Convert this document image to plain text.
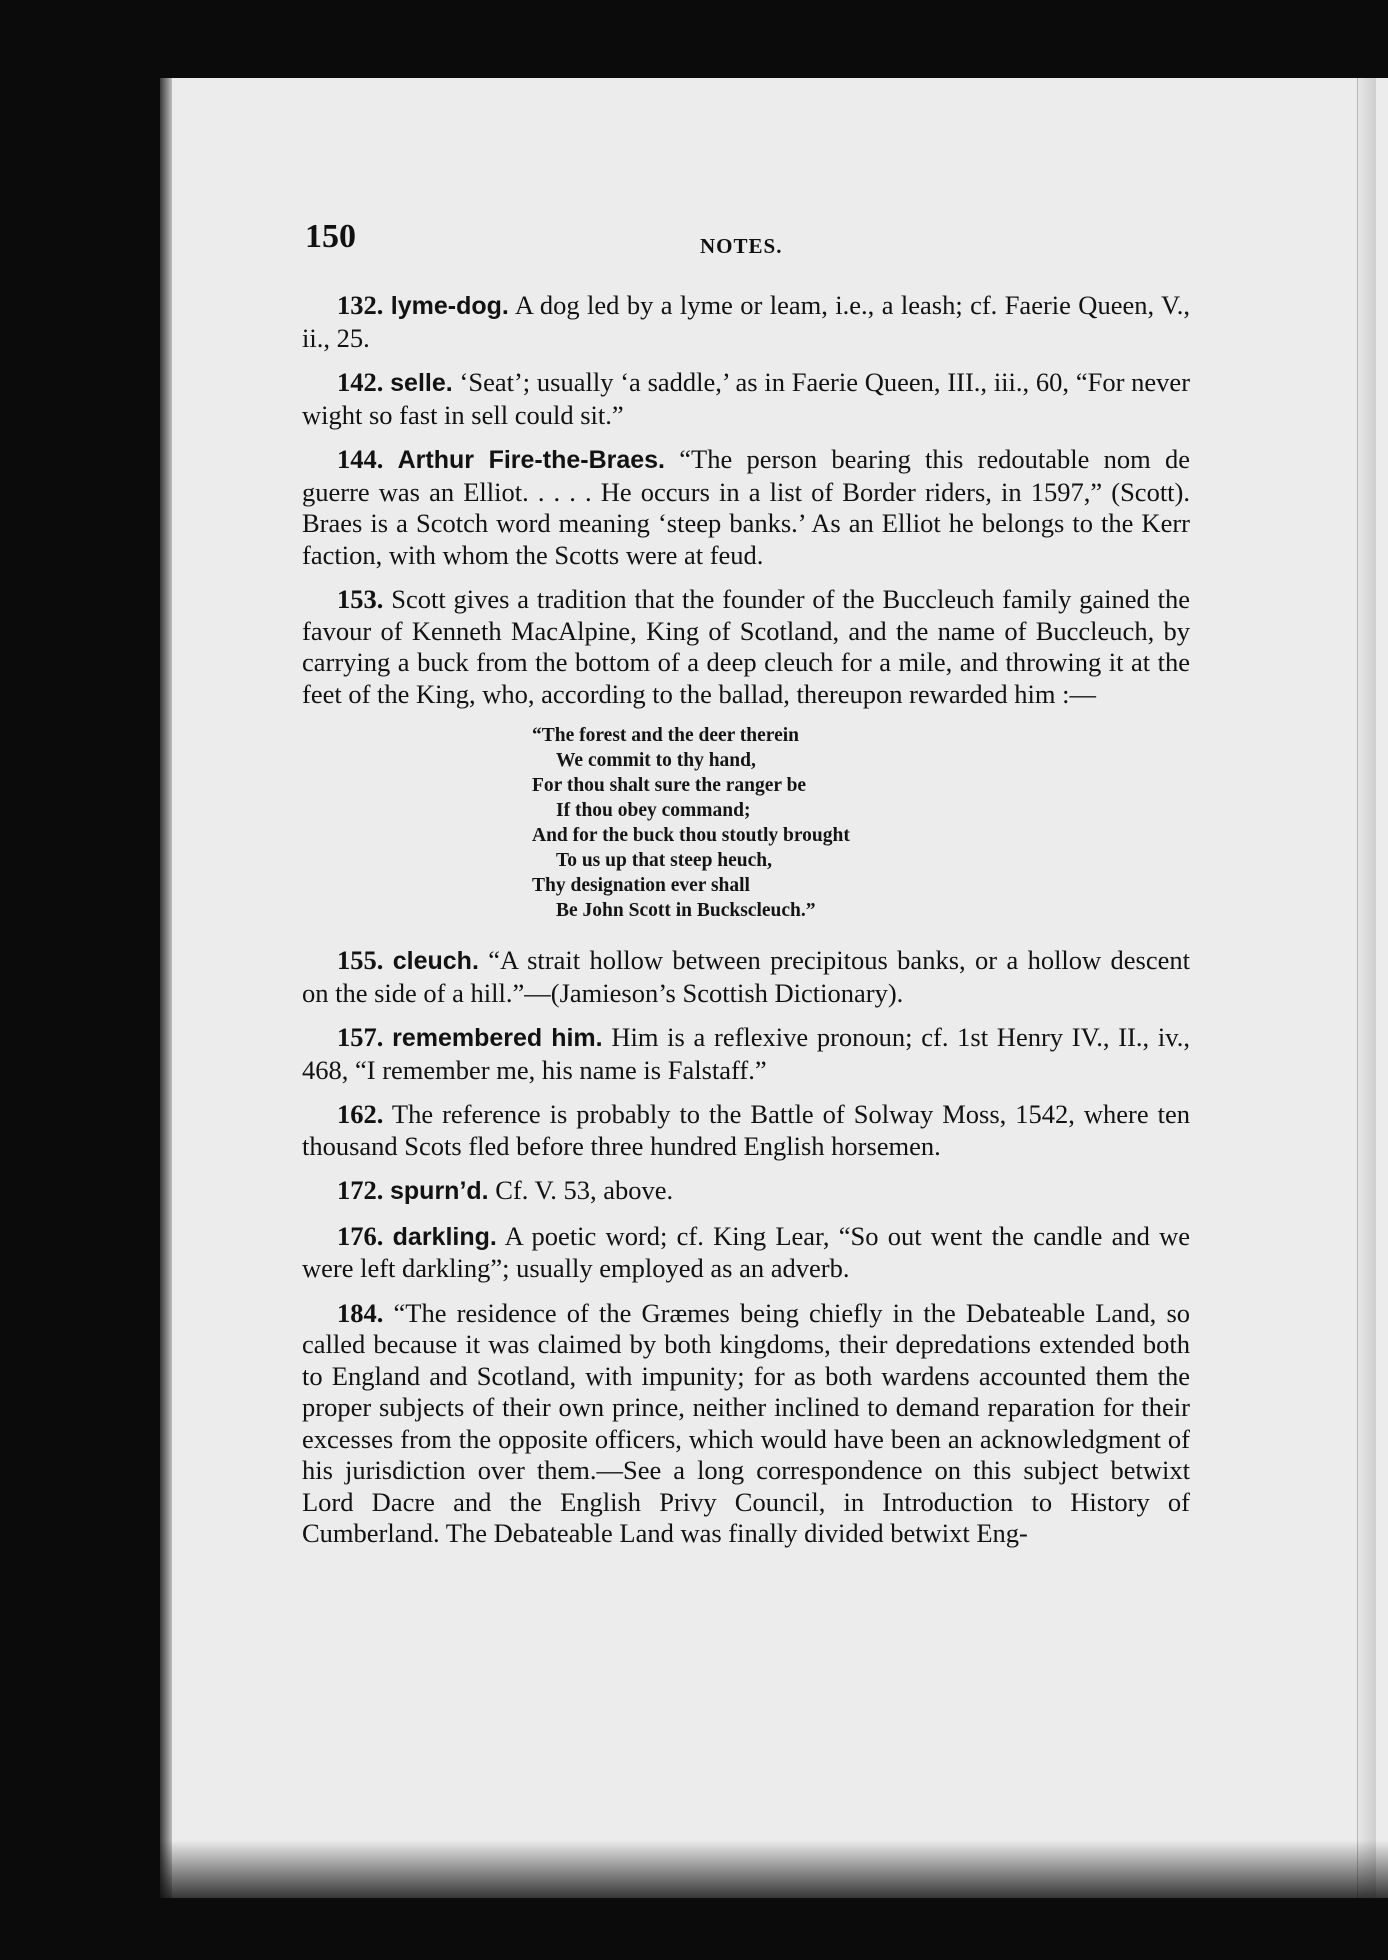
150	NOTES.

132. lyme-dog. A dog led by a lyme or leam, i.e., a leash; cf. Faerie Queen, V., ii., 25.

142. selle. ‘Seat’; usually ‘a saddle,’ as in Faerie Queen, III., iii., 60, “For never wight so fast in sell could sit.”

144. Arthur Fire-the-Braes. “The person bearing this redoutable nom de guerre was an Elliot. . . . . He occurs in a list of Border riders, in 1597,” (Scott). Braes is a Scotch word meaning ‘steep banks.’ As an Elliot he belongs to the Kerr faction, with whom the Scotts were at feud.

153. Scott gives a tradition that the founder of the Buccleuch family gained the favour of Kenneth MacAlpine, King of Scotland, and the name of Buccleuch, by carrying a buck from the bottom of a deep cleuch for a mile, and throwing it at the feet of the King, who, according to the ballad, thereupon rewarded him :—

“The forest and the deer therein
We commit to thy hand,
For thou shalt sure the ranger be
If thou obey command;
And for the buck thou stoutly brought
To us up that steep heuch,
Thy designation ever shall
Be John Scott in Buckscleuch.”

155. cleuch. “A strait hollow between precipitous banks, or a hollow descent on the side of a hill.”—(Jamieson’s Scottish Dictionary).

157. remembered him. Him is a reflexive pronoun; cf. 1st Henry IV., II., iv., 468, “I remember me, his name is Falstaff.”

162. The reference is probably to the Battle of Solway Moss, 1542, where ten thousand Scots fled before three hundred English horsemen.

172. spurn’d. Cf. V. 53, above.

176. darkling. A poetic word; cf. King Lear, “So out went the candle and we were left darkling”; usually employed as an adverb.

184. “The residence of the Græmes being chiefly in the Debateable Land, so called because it was claimed by both kingdoms, their depredations extended both to England and Scotland, with impunity; for as both wardens accounted them the proper subjects of their own prince, neither inclined to demand reparation for their excesses from the opposite officers, which would have been an acknowledgment of his jurisdiction over them.—See a long correspondence on this subject betwixt Lord Dacre and the English Privy Council, in Introduction to History of Cumberland. The Debateable Land was finally divided betwixt Eng-
